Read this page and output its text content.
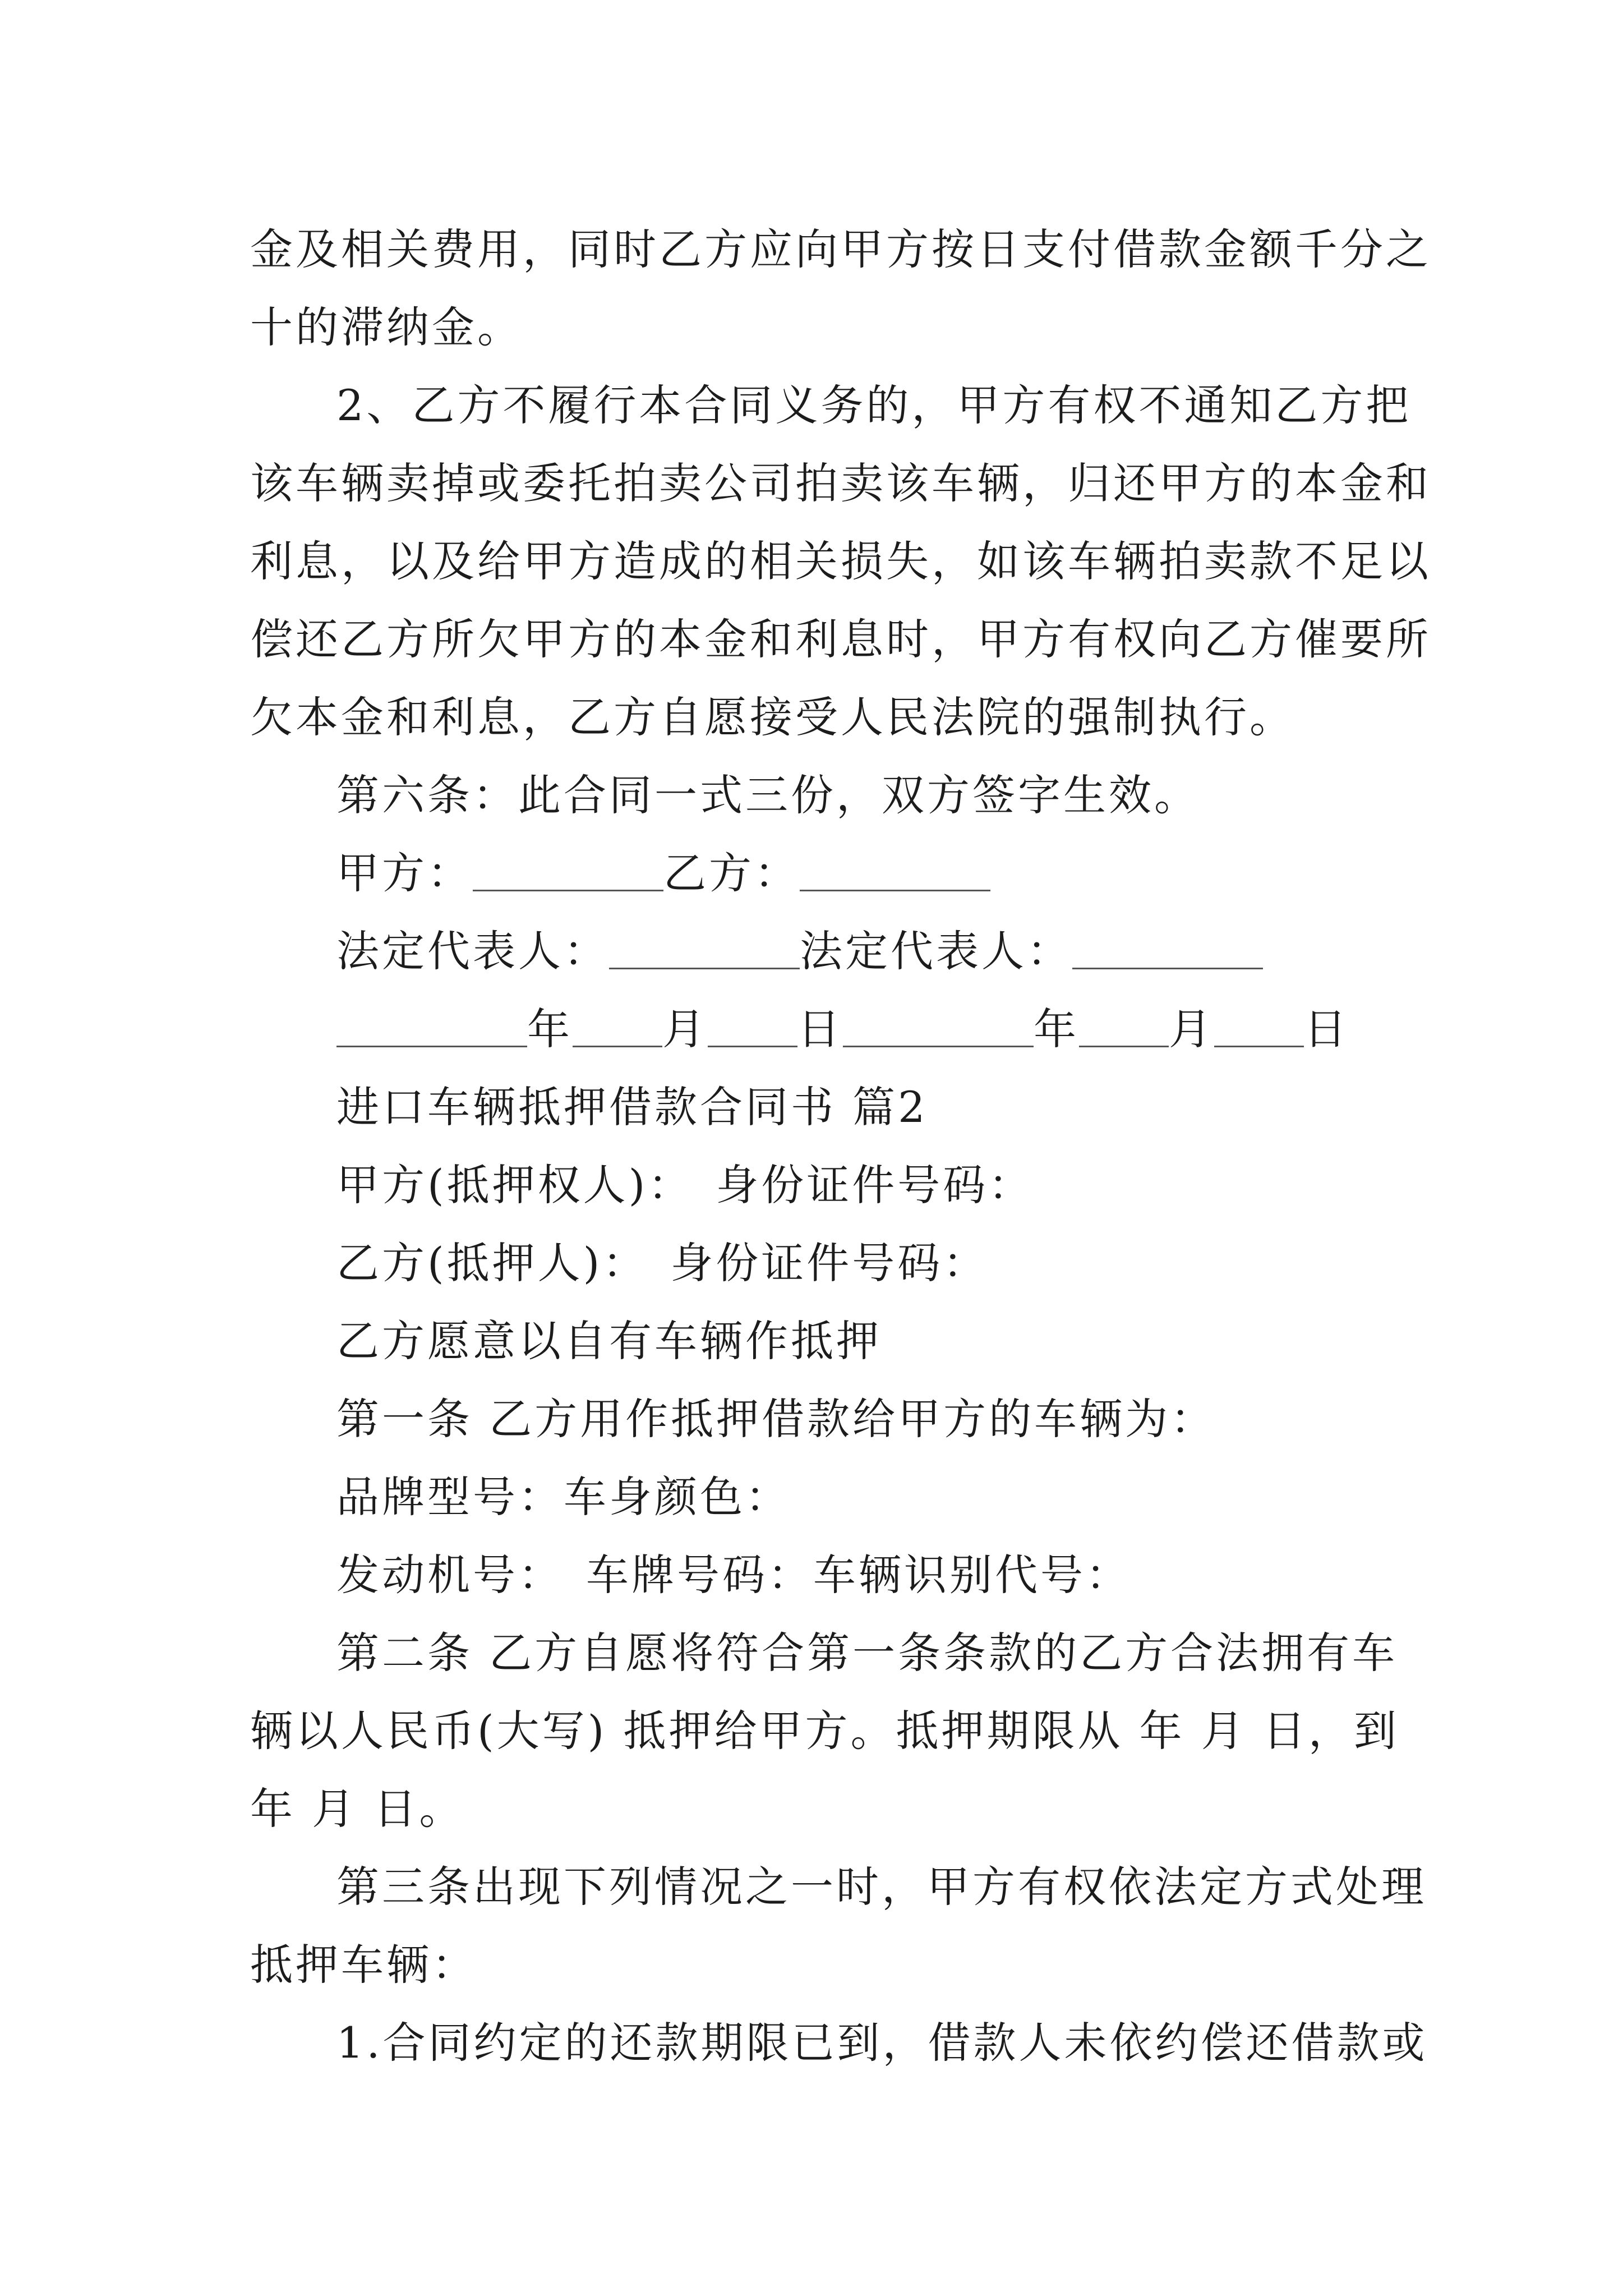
金及相关费用，同时乙方应向甲方按日支付借款金额千分之
十的滞纳金。
2、乙方不履行本合同义务的，甲方有权不通知乙方把
该车辆卖掉或委托拍卖公司拍卖该车辆，归还甲方的本金和
利息，以及给甲方造成的相关损失，如该车辆拍卖款不足以
偿还乙方所欠甲方的本金和利息时，甲方有权向乙方催要所
欠本金和利息，乙方自愿接受人民法院的强制执行。
第六条：此合同一式三份，双方签字生效。
甲方：	乙方：
法定代表人：	法定代表人：
年 月 日	年 月 日
进口车辆抵押借款合同书 篇2
甲方(抵押权人)： 身份证件号码：
乙方(抵押人)： 身份证件号码：
乙方愿意以自有车辆作抵押
第一条 乙方用作抵押借款给甲方的车辆为：
品牌型号：车身颜色：
发动机号： 车牌号码：车辆识别代号：
第二条 乙方自愿将符合第一条条款的乙方合法拥有车
辆以人民币(大写) 抵押给甲方。抵押期限从 年 月 日，到
年 月 日。
第三条出现下列情况之一时，甲方有权依法定方式处理
抵押车辆：
1.合同约定的还款期限已到，借款人未依约偿还借款或
